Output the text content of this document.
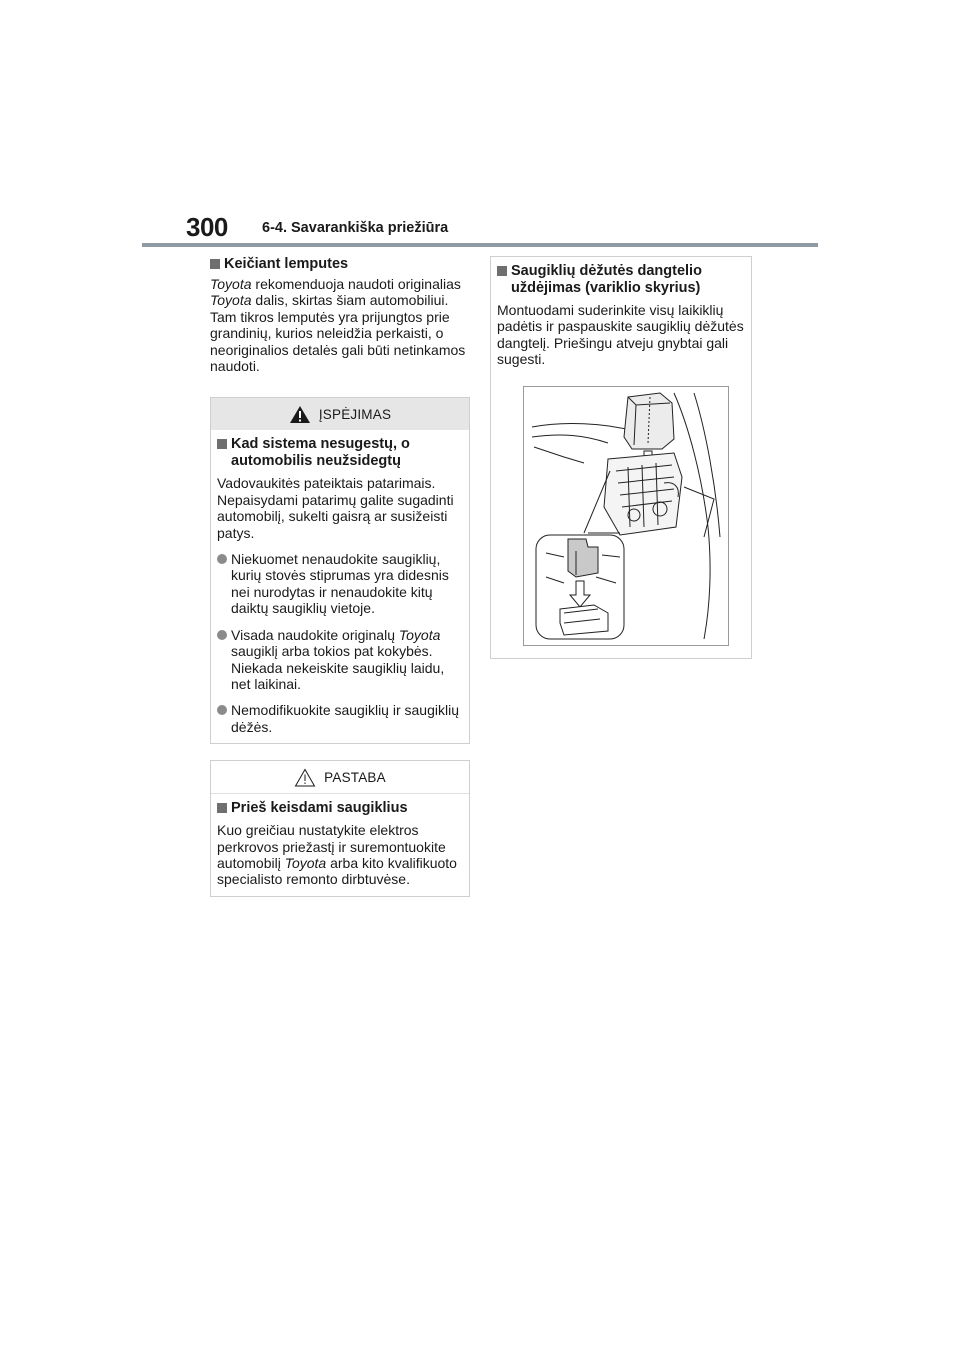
300 6-4. Savarankiška priežiūra
Keičiant lemputes

Toyota rekomenduoja naudoti originalias Toyota dalis, skirtas šiam automobiliui. Tam tikros lemputės yra prijungtos prie grandinių, kurios neleidžia perkaisti, o neoriginalios detalės gali būti netinkamos naudoti.

ĮSPĖJIMAS
Kad sistema nesugestų, o automobilis neužsidegtų

Vadovaukitės pateiktais patarimais. Nepaisydami patarimų galite sugadinti automobilį, sukelti gaisrą ar susižeisti patys.

Niekuomet nenaudokite saugiklių, kurių stovės stiprumas yra didesnis nei nurodytas ir nenaudokite kitų daiktų saugiklių vietoje.

Visada naudokite originalų Toyota saugiklį arba tokios pat kokybės. Niekada nekeiskite saugiklių laidu, net laikinai.

Nemodifikuokite saugiklių ir saugiklių dėžės.

PASTABA
Prieš keisdami saugiklius

Kuo greičiau nustatykite elektros perkrovos priežastį ir suremontuokite automobilį Toyota arba kito kvalifikuoto specialisto remonto dirbtuvėse.

Saugiklių dėžutės dangtelio uždėjimas (variklio skyrius)

Montuodami suderinkite visų laikiklių padėtis ir paspauskite saugiklių dėžutės dangtelį. Priešingu atveju gnybtai gali sugesti.
